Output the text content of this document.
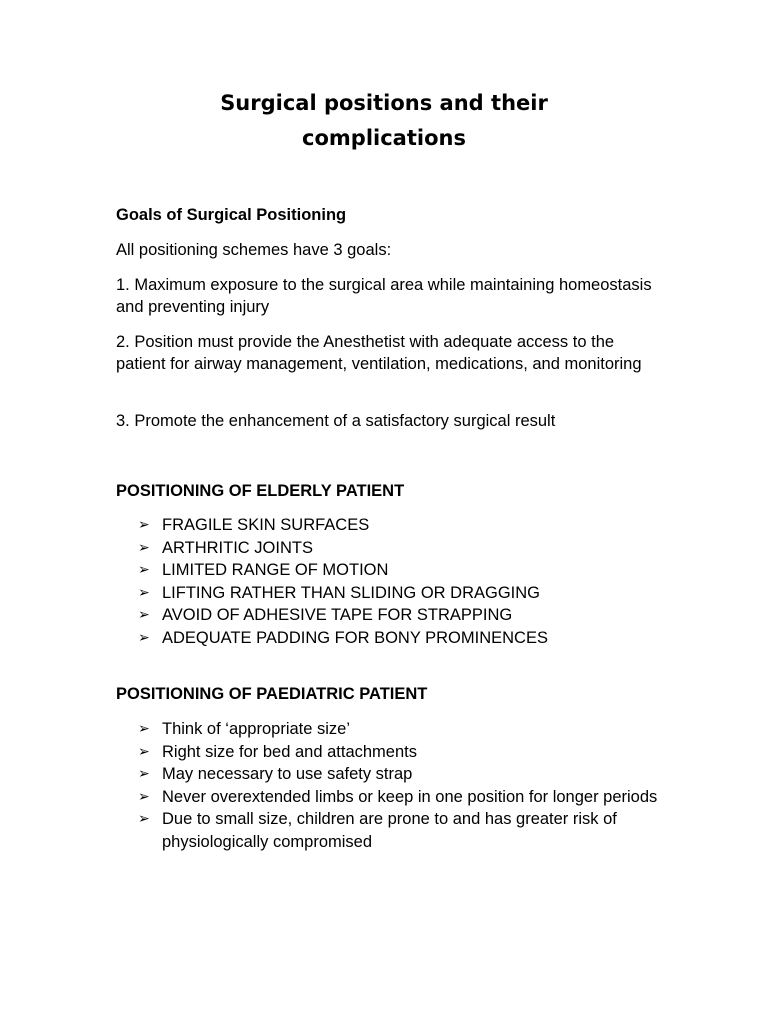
Surgical positions and their
complications
Goals of Surgical Positioning

All positioning schemes have 3 goals:

1. Maximum exposure to the surgical area while maintaining homeostasis and preventing injury

2. Position must provide the Anesthetist with adequate access to the patient for airway management, ventilation, medications, and monitoring

3. Promote the enhancement of a satisfactory surgical result

POSITIONING OF ELDERLY PATIENT
➢ FRAGILE SKIN SURFACES
➢ ARTHRITIC JOINTS
➢ LIMITED RANGE OF MOTION
➢ LIFTING RATHER THAN SLIDING OR DRAGGING
➢ AVOID OF ADHESIVE TAPE FOR STRAPPING
➢ ADEQUATE PADDING FOR BONY PROMINENCES
POSITIONING OF PAEDIATRIC PATIENT
➢ Think of ‘appropriate size’
➢ Right size for bed and attachments
➢ May necessary to use safety strap
➢ Never overextended limbs or keep in one position for longer periods
➢ Due to small size, children are prone to and has greater risk of physiologically compromised
